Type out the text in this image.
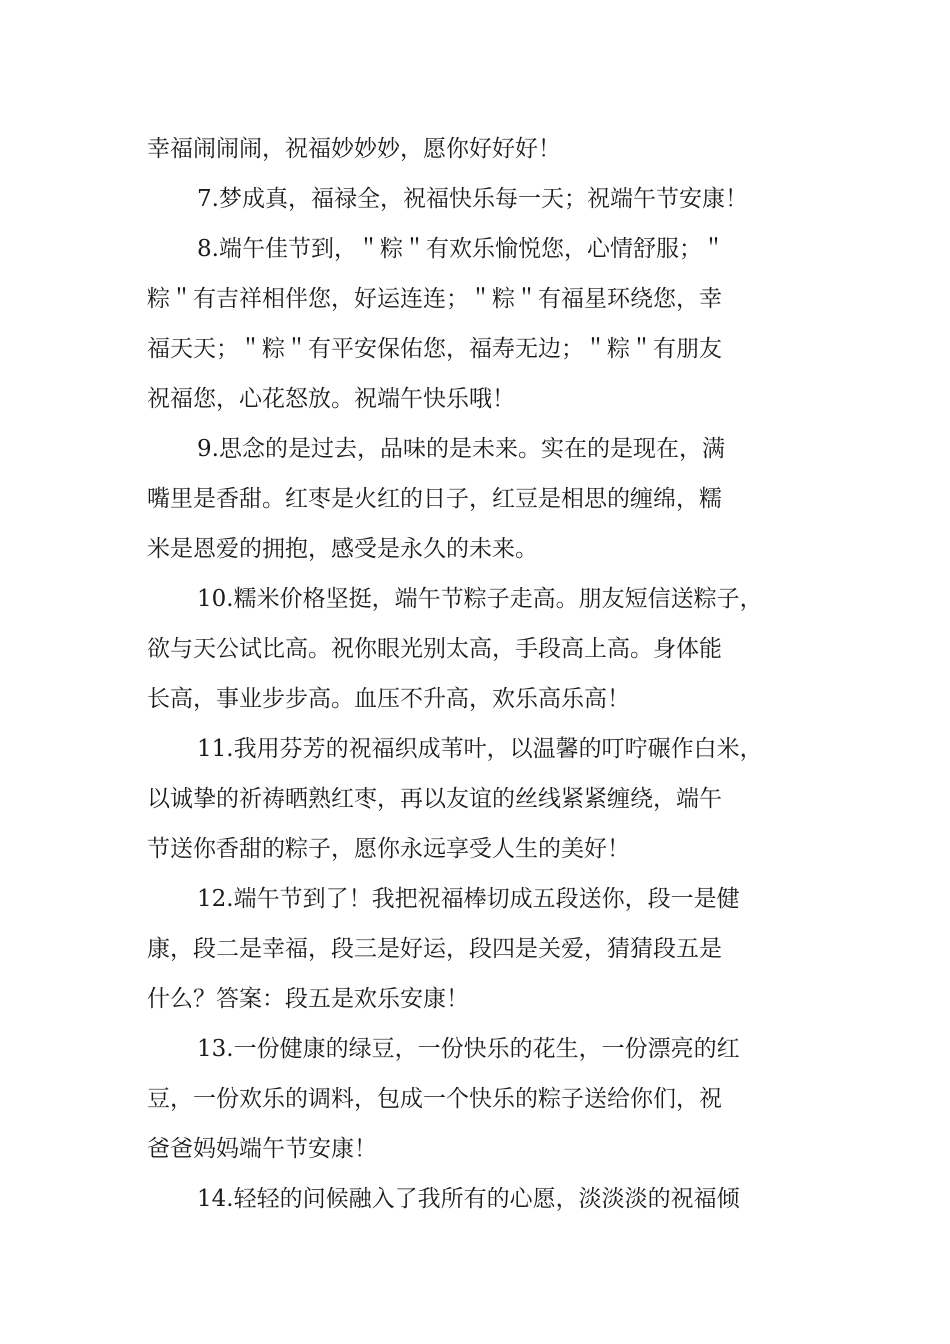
幸福闹闹闹，祝福妙妙妙，愿你好好好！
7.梦成真，福禄全，祝福快乐每一天；祝端午节安康！
8.端午佳节到，＂粽＂有欢乐愉悦您，心情舒服；＂
粽＂有吉祥相伴您，好运连连；＂粽＂有福星环绕您，幸
福天天；＂粽＂有平安保佑您，福寿无边；＂粽＂有朋友
祝福您，心花怒放。祝端午快乐哦！
9.思念的是过去，品味的是未来。实在的是现在，满
嘴里是香甜。红枣是火红的日子，红豆是相思的缠绵，糯
米是恩爱的拥抱，感受是永久的未来。
10.糯米价格坚挺，端午节粽子走高。朋友短信送粽子，
欲与天公试比高。祝你眼光别太高，手段高上高。身体能
长高，事业步步高。血压不升高，欢乐高乐高！
11.我用芬芳的祝福织成苇叶，以温馨的叮咛碾作白米，
以诚挚的祈祷晒熟红枣，再以友谊的丝线紧紧缠绕，端午
节送你香甜的粽子，愿你永远享受人生的美好！
12.端午节到了！我把祝福棒切成五段送你，段一是健
康，段二是幸福，段三是好运，段四是关爱，猜猜段五是
什么？答案：段五是欢乐安康！
13.一份健康的绿豆，一份快乐的花生，一份漂亮的红
豆，一份欢乐的调料，包成一个快乐的粽子送给你们，祝
爸爸妈妈端午节安康！
14.轻轻的问候融入了我所有的心愿，淡淡淡的祝福倾
